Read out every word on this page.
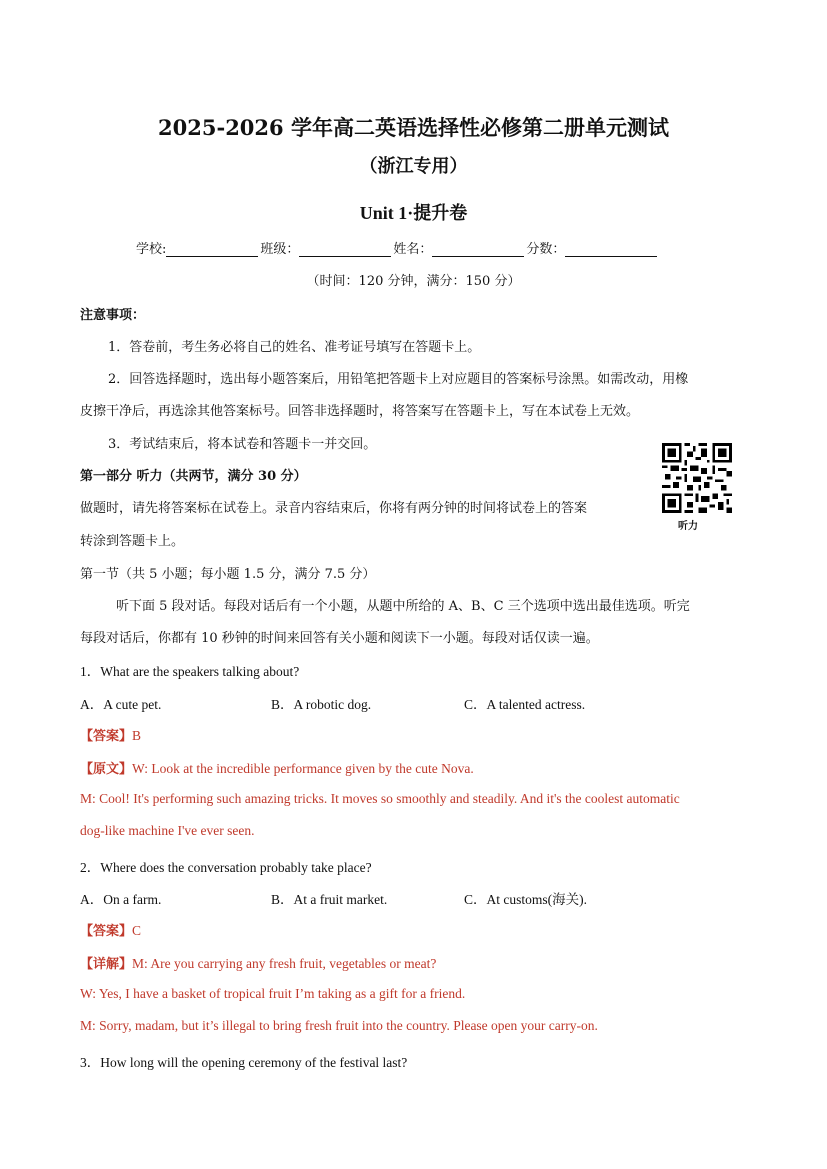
2025-2026 学年高二英语选择性必修第二册单元测试
（浙江专用）
Unit 1·提升卷
学校:	班级：	姓名：	分数：
（时间：120 分钟，满分：150 分）
注意事项：
1．答卷前，考生务必将自己的姓名、准考证号填写在答题卡上。
2．回答选择题时，选出每小题答案后，用铅笔把答题卡上对应题目的答案标号涂黑。如需改动，用橡
皮擦干净后，再选涂其他答案标号。回答非选择题时，将答案写在答题卡上，写在本试卷上无效。
3．考试结束后，将本试卷和答题卡一并交回。
第一部分 听力（共两节，满分 30 分）
做题时，请先将答案标在试卷上。录音内容结束后，你将有两分钟的时间将试卷上的答案
转涂到答题卡上。
听力
第一节（共 5 小题；每小题 1.5 分，满分 7.5 分）
听下面 5 段对话。每段对话后有一个小题，从题中所给的 A、B、C 三个选项中选出最佳选项。听完
每段对话后，你都有 10 秒钟的时间来回答有关小题和阅读下一小题。每段对话仅读一遍。
1．What are the speakers talking about?
A．A cute pet.	B．A robotic dog.	C．A talented actress.
【答案】B
【原文】W: Look at the incredible performance given by the cute Nova.
M: Cool! It's performing such amazing tricks. It moves so smoothly and steadily. And it's the coolest automatic
dog-like machine I've ever seen.
2．Where does the conversation probably take place?
A．On a farm.	B．At a fruit market.	C．At customs(海关).
【答案】C
【详解】M: Are you carrying any fresh fruit, vegetables or meat?
W: Yes, I have a basket of tropical fruit I’m taking as a gift for a friend.
M: Sorry, madam, but it’s illegal to bring fresh fruit into the country. Please open your carry-on.
3．How long will the opening ceremony of the festival last?
